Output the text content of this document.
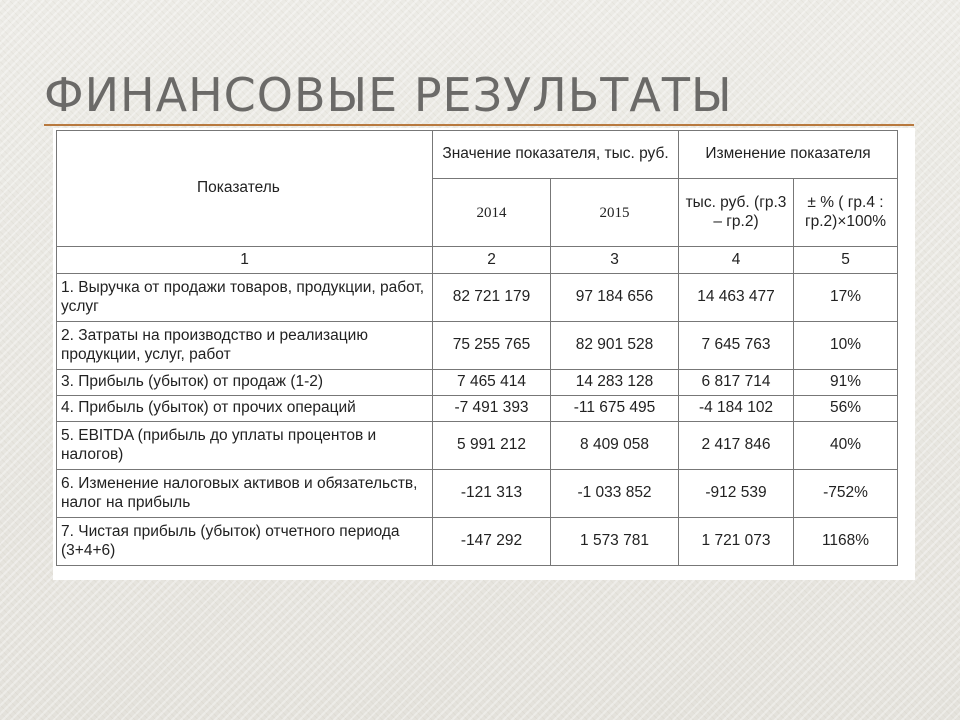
ФИНАНСОВЫЕ РЕЗУЛЬТАТЫ
Показатель	Значение показателя, тыс. руб.		Изменение показателя	
	2014	2015	тыс. руб. (гр.3 – гр.2)	± % ( гр.4 : гр.2)×100%
1	2	3	4	5
1. Выручка от продажи товаров, продукции, работ, услуг	82 721 179	97 184 656	14 463 477	17%
2. Затраты на производство и реализацию продукции, услуг, работ	75 255 765	82 901 528	7 645 763	10%
3. Прибыль (убыток) от продаж (1-2)	7 465 414	14 283 128	6 817 714	91%
4. Прибыль (убыток) от прочих операций	-7 491 393	-11 675 495	-4 184 102	56%
5. EBITDA (прибыль до уплаты процентов и налогов)	5 991 212	8 409 058	2 417 846	40%
6. Изменение налоговых активов и обязательств, налог на прибыль	-121 313	-1 033 852	-912 539	-752%
7. Чистая прибыль (убыток) отчетного периода (3+4+6)	-147 292	1 573 781	1 721 073	1168%
